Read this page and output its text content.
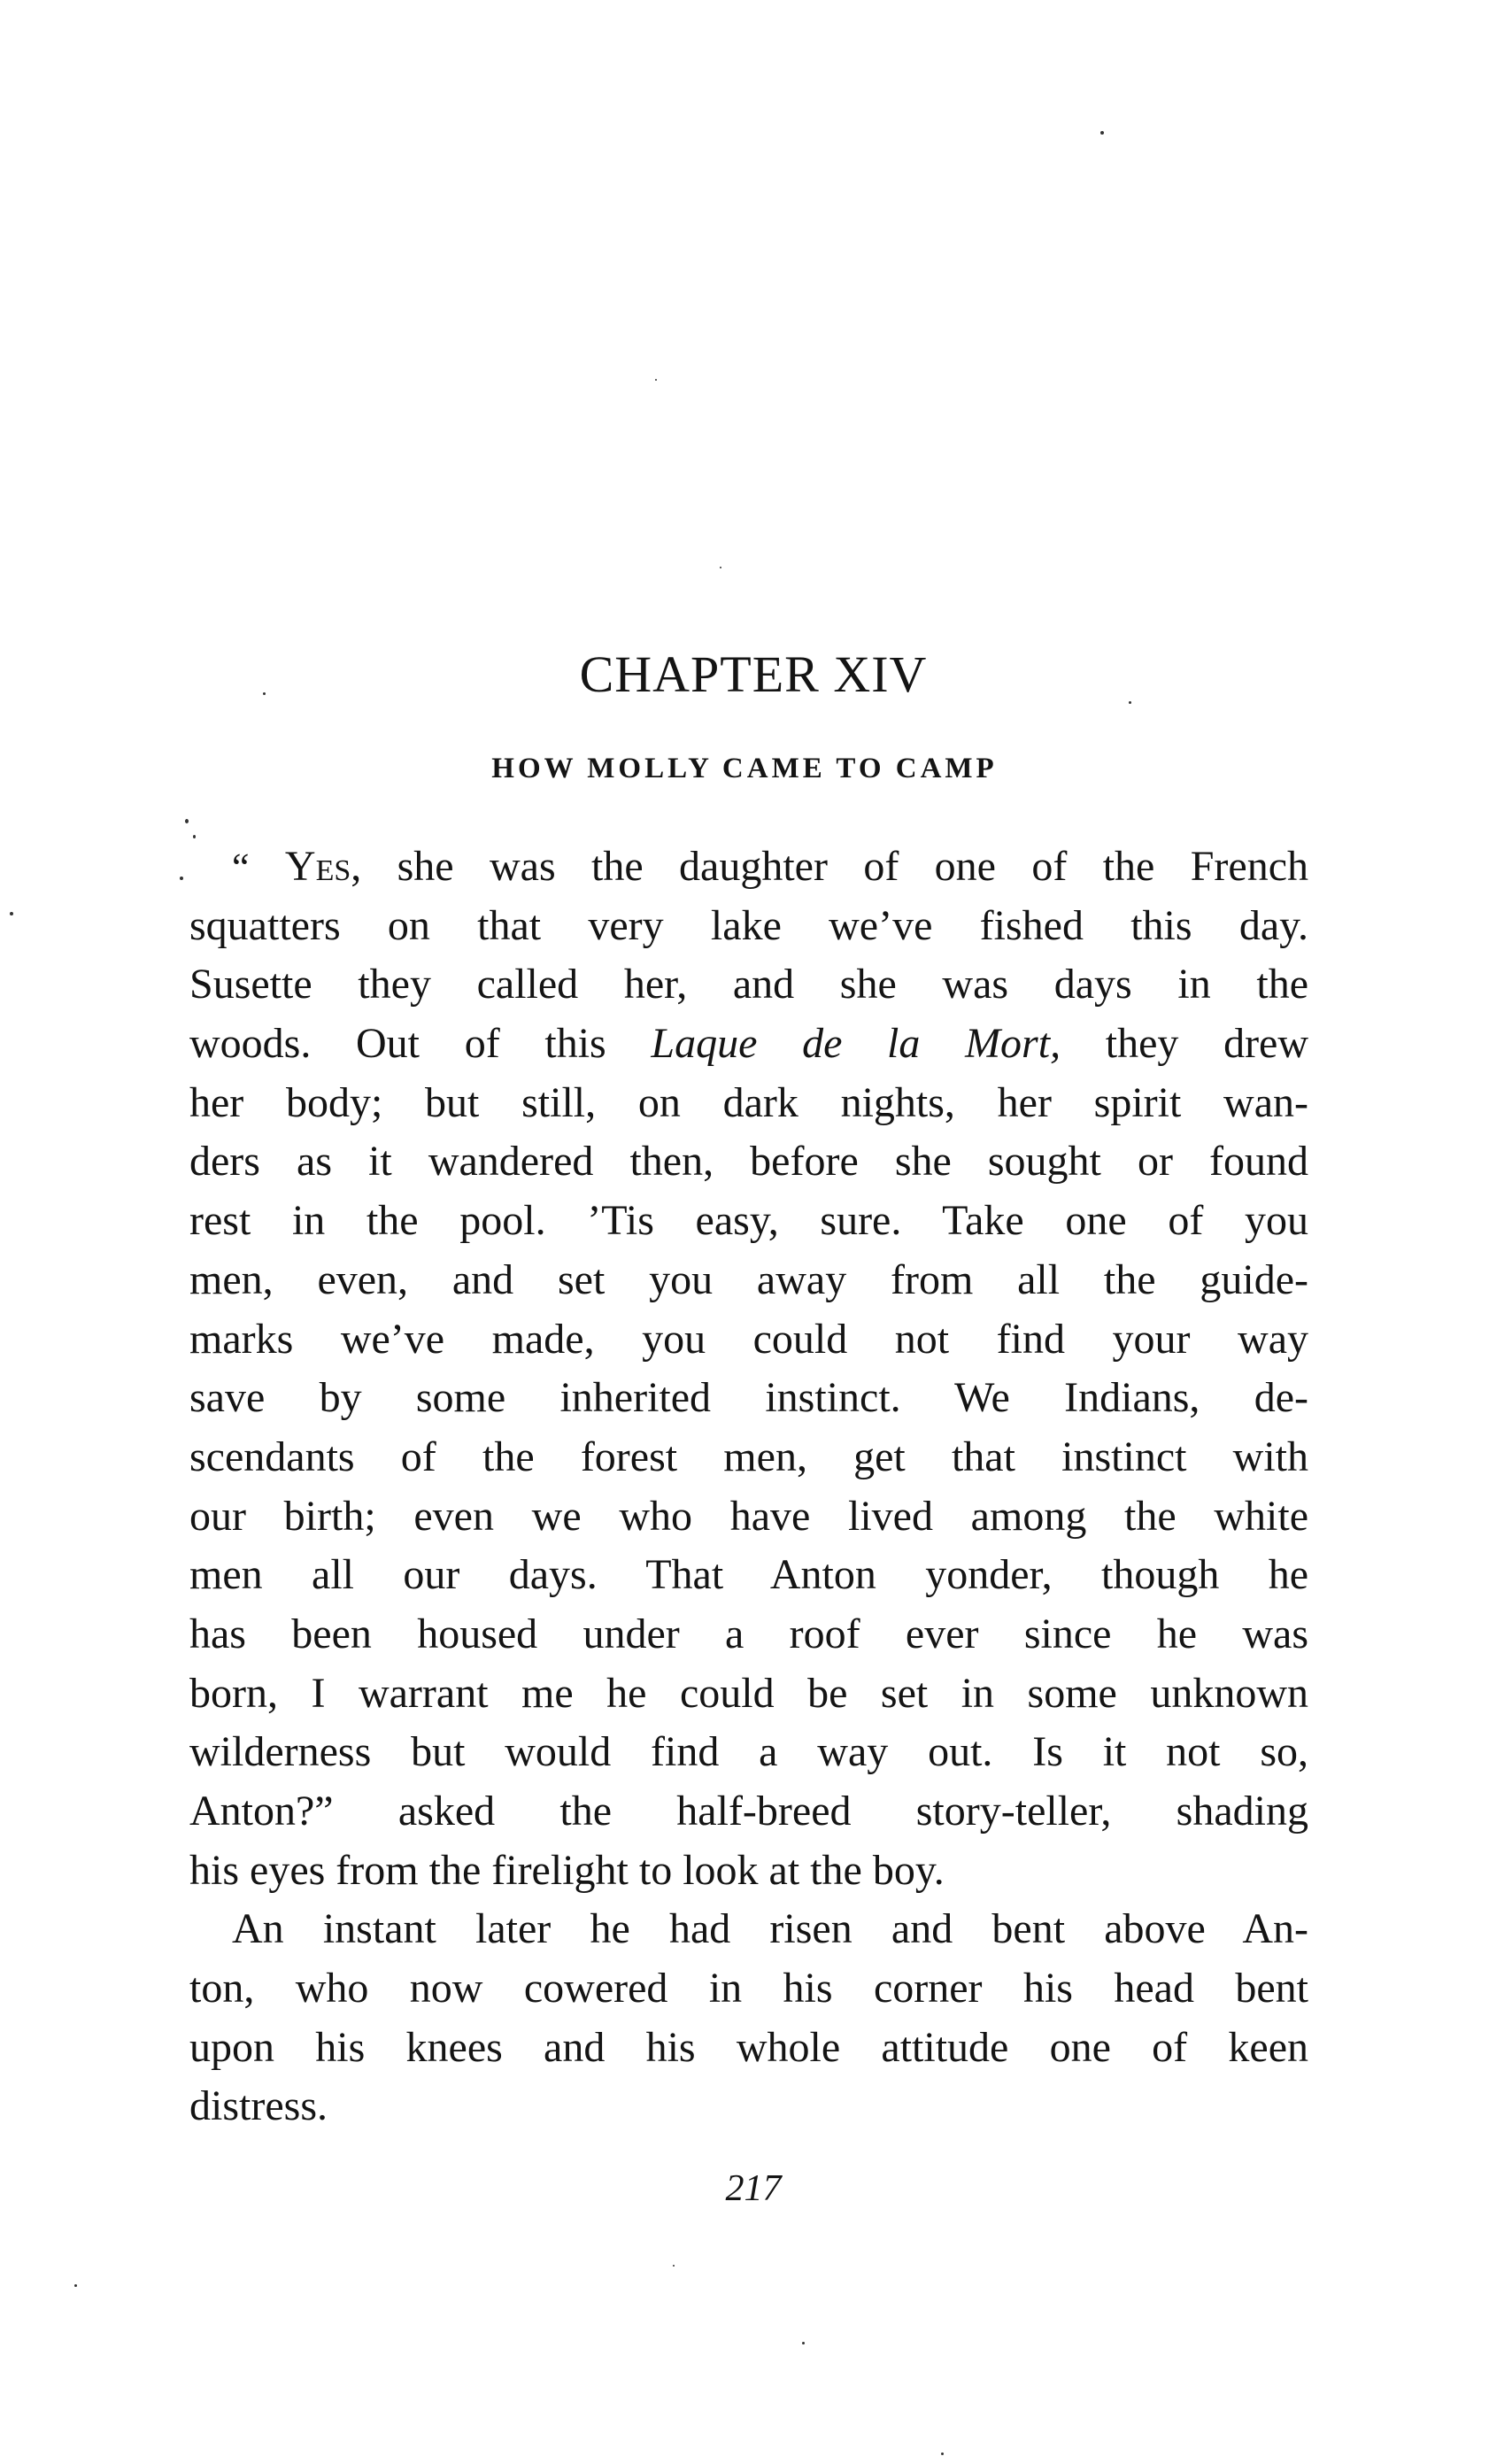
CHAPTER XIV
HOW MOLLY CAME TO CAMP
“ Yes, she was the daughter of one of the French
squatters on that very lake we’ve fished this day.
Susette they called her, and she was days in the
woods. Out of this Laque de la Mort, they drew
her body; but still, on dark nights, her spirit wan-
ders as it wandered then, before she sought or found
rest in the pool. ’Tis easy, sure. Take one of you
men, even, and set you away from all the guide-
marks we’ve made, you could not find your way
save by some inherited instinct. We Indians, de-
scendants of the forest men, get that instinct with
our birth; even we who have lived among the white
men all our days. That Anton yonder, though he
has been housed under a roof ever since he was
born, I warrant me he could be set in some unknown
wilderness but would find a way out. Is it not so,
Anton?” asked the half-breed story-teller, shading
his eyes from the firelight to look at the boy.
An instant later he had risen and bent above An-
ton, who now cowered in his corner his head bent
upon his knees and his whole attitude one of keen
distress.
217
